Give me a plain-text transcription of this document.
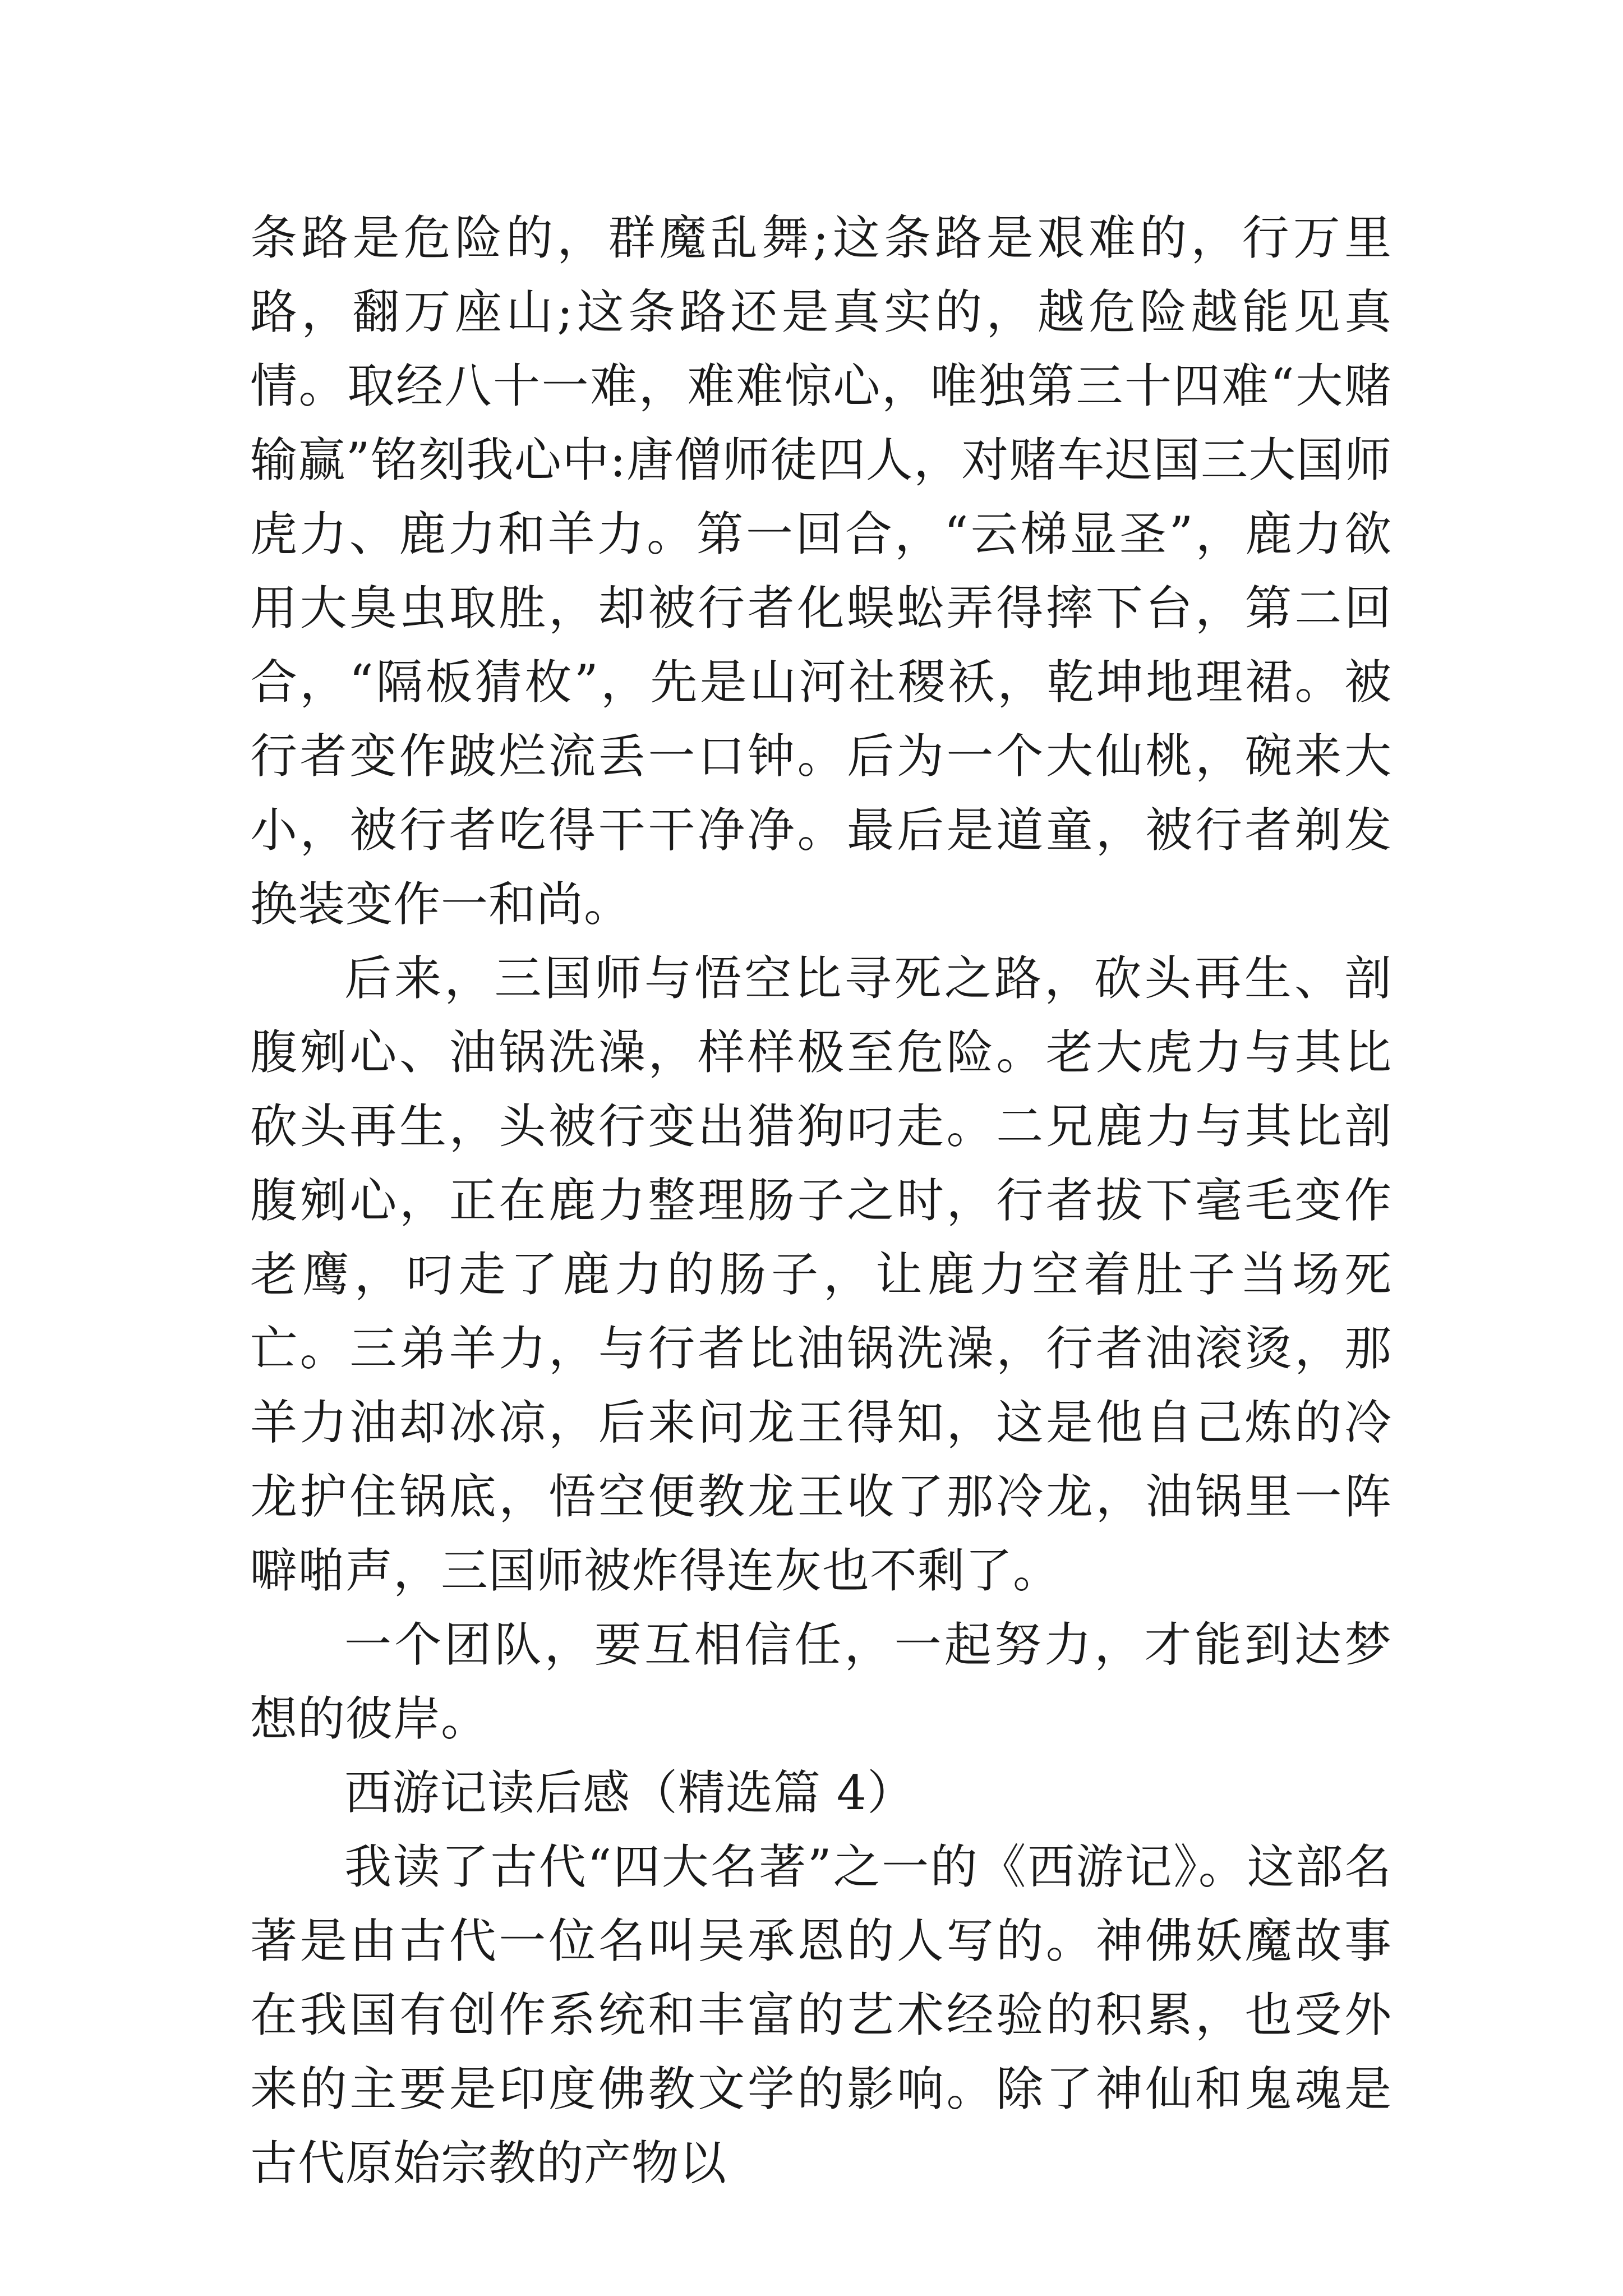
条路是危险的，群魔乱舞;这条路是艰难的，行万里路，翻万座山;这条路还是真实的，越危险越能见真情。取经八十一难，难难惊心，唯独第三十四难“大赌输赢”铭刻我心中:唐僧师徒四人，对赌车迟国三大国师虎力、鹿力和羊力。第一回合，“云梯显圣”，鹿力欲用大臭虫取胜，却被行者化蜈蚣弄得摔下台，第二回合，“隔板猜枚”，先是山河社稷袄，乾坤地理裙。被行者变作跛烂流丢一口钟。后为一个大仙桃，碗来大小，被行者吃得干干净净。最后是道童，被行者剃发换装变作一和尚。

后来，三国师与悟空比寻死之路，砍头再生、剖腹剜心、油锅洗澡，样样极至危险。老大虎力与其比砍头再生，头被行变出猎狗叼走。二兄鹿力与其比剖腹剜心，正在鹿力整理肠子之时，行者拔下毫毛变作老鹰，叼走了鹿力的肠子，让鹿力空着肚子当场死亡。三弟羊力，与行者比油锅洗澡，行者油滚烫，那羊力油却冰凉，后来问龙王得知，这是他自己炼的冷龙护住锅底，悟空便教龙王收了那冷龙，油锅里一阵噼啪声，三国师被炸得连灰也不剩了。

一个团队，要互相信任，一起努力，才能到达梦想的彼岸。

西游记读后感（精选篇 4）

我读了古代“四大名著”之一的《西游记》。这部名著是由古代一位名叫吴承恩的人写的。神佛妖魔故事在我国有创作系统和丰富的艺术经验的积累，也受外来的主要是印度佛教文学的影响。除了神仙和鬼魂是古代原始宗教的产物以
